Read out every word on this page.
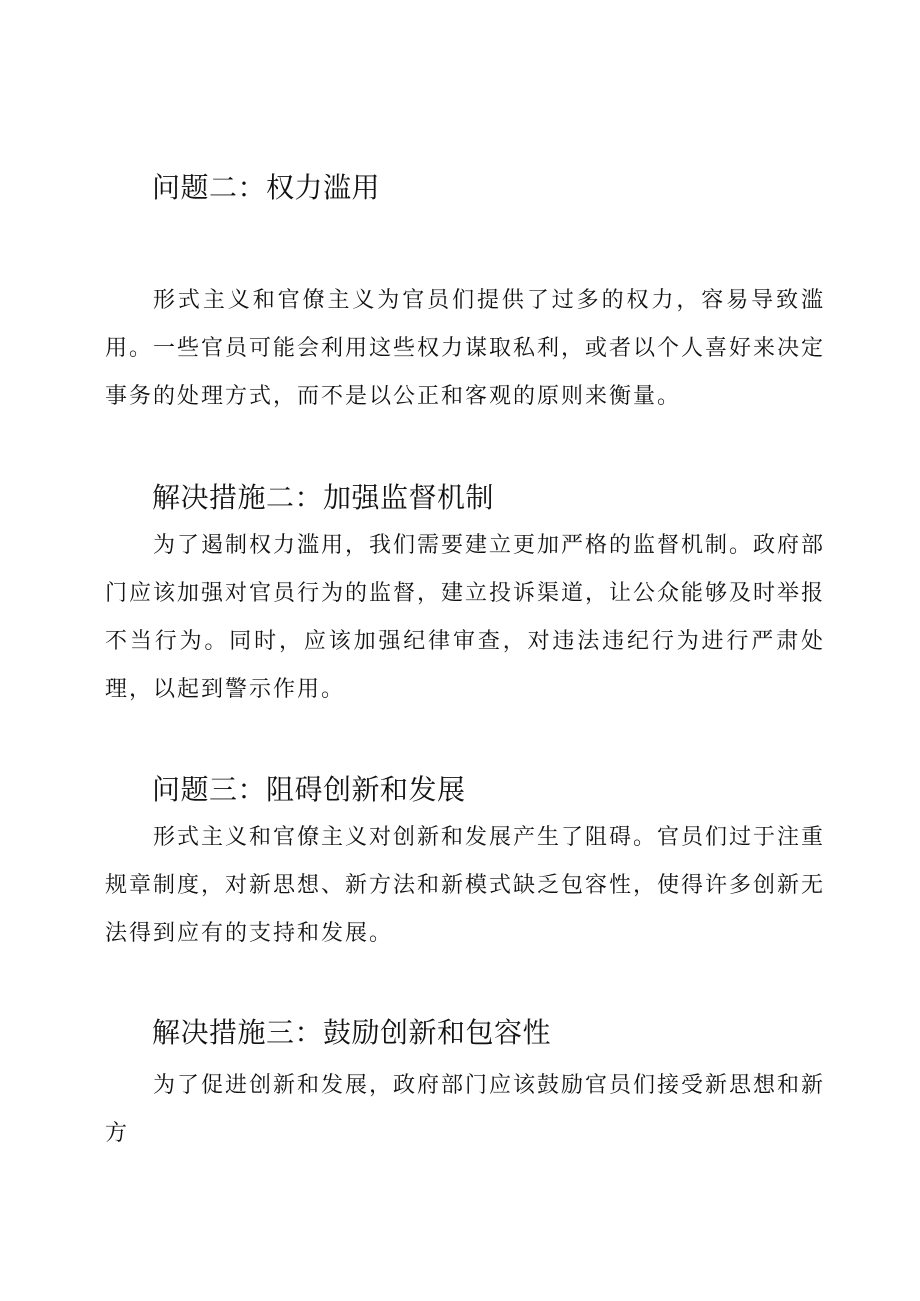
问题二：权力滥用

形式主义和官僚主义为官员们提供了过多的权力，容易导致滥用。一些官员可能会利用这些权力谋取私利，或者以个人喜好来决定事务的处理方式，而不是以公正和客观的原则来衡量。

解决措施二：加强监督机制

为了遏制权力滥用，我们需要建立更加严格的监督机制。政府部门应该加强对官员行为的监督，建立投诉渠道，让公众能够及时举报不当行为。同时，应该加强纪律审查，对违法违纪行为进行严肃处理，以起到警示作用。

问题三：阻碍创新和发展

形式主义和官僚主义对创新和发展产生了阻碍。官员们过于注重规章制度，对新思想、新方法和新模式缺乏包容性，使得许多创新无法得到应有的支持和发展。

解决措施三：鼓励创新和包容性

为了促进创新和发展，政府部门应该鼓励官员们接受新思想和新方
